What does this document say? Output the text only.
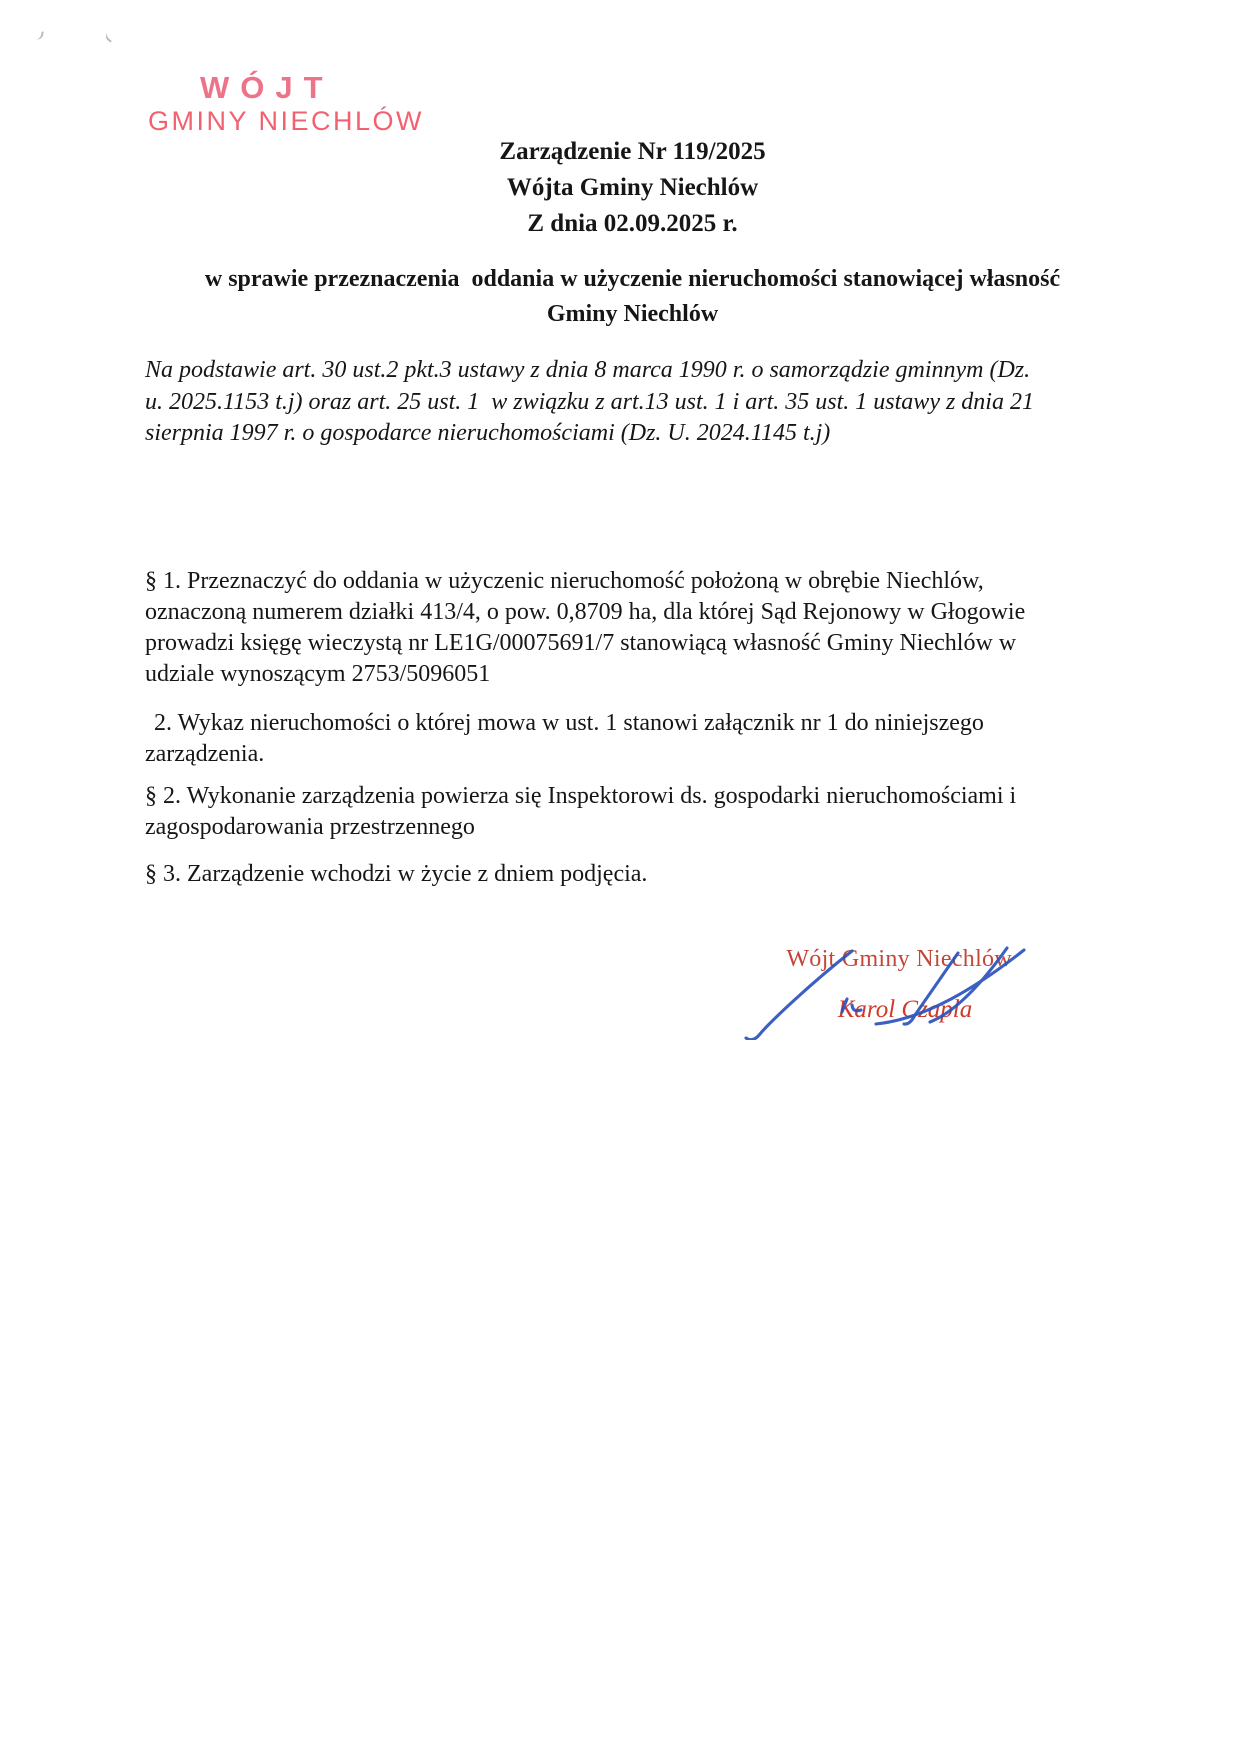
WÓJT
GMINY NIECHLÓW
Zarządzenie Nr 119/2025
Wójta Gminy Niechlów
Z dnia 02.09.2025 r.
w sprawie przeznaczenia  oddania w użyczenie nieruchomości stanowiącej własność
Gminy Niechlów
Na podstawie art. 30 ust.2 pkt.3 ustawy z dnia 8 marca 1990 r. o samorządzie gminnym (Dz.
u. 2025.1153 t.j) oraz art. 25 ust. 1  w związku z art.13 ust. 1 i art. 35 ust. 1 ustawy z dnia 21
sierpnia 1997 r. o gospodarce nieruchomościami (Dz. U. 2024.1145 t.j)
§ 1. Przeznaczyć do oddania w użyczenic nieruchomość położoną w obrębie Niechlów,
oznaczoną numerem działki 413/4, o pow. 0,8709 ha, dla której Sąd Rejonowy w Głogowie
prowadzi księgę wieczystą nr LE1G/00075691/7 stanowiącą własność Gminy Niechlów w
udziale wynoszącym 2753/5096051
2. Wykaz nieruchomości o której mowa w ust. 1 stanowi załącznik nr 1 do niniejszego
zarządzenia.
§ 2. Wykonanie zarządzenia powierza się Inspektorowi ds. gospodarki nieruchomościami i
zagospodarowania przestrzennego
§ 3. Zarządzenie wchodzi w życie z dniem podjęcia.
Wójt Gminy Niechlów
Karol Czapla
